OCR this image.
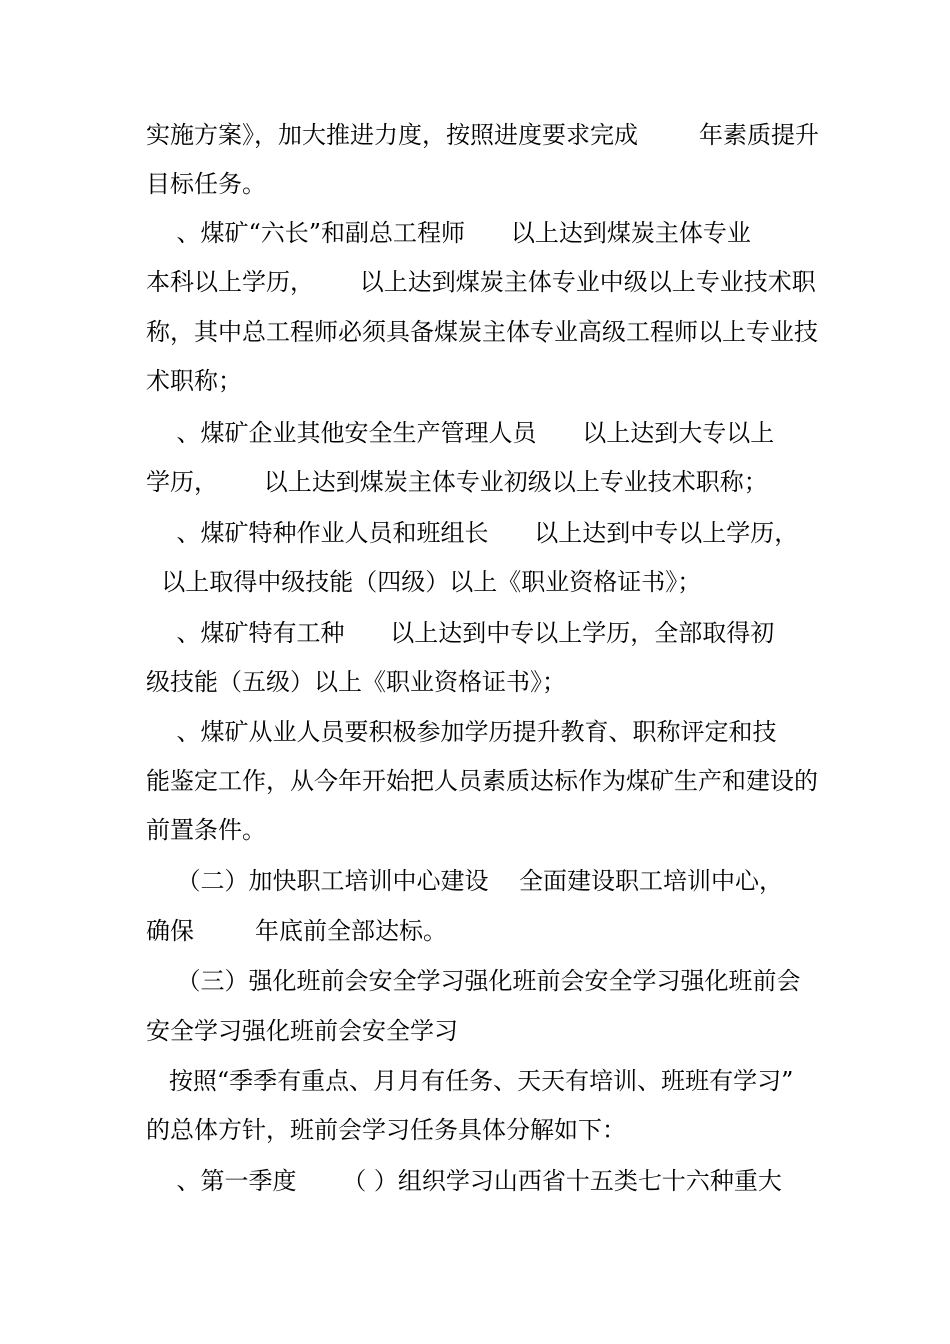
实施方案》，加大推进力度，按照进度要求完成        年素质提升
目标任务。
、煤矿“六长”和副总工程师      以上达到煤炭主体专业
本科以上学历，      以上达到煤炭主体专业中级以上专业技术职
称，其中总工程师必须具备煤炭主体专业高级工程师以上专业技
术职称；
、煤矿企业其他安全生产管理人员      以上达到大专以上
学历，      以上达到煤炭主体专业初级以上专业技术职称；
、煤矿特种作业人员和班组长      以上达到中专以上学历，
以上取得中级技能（四级）以上《职业资格证书》；
、煤矿特有工种      以上达到中专以上学历，全部取得初
级技能（五级）以上《职业资格证书》；
、煤矿从业人员要积极参加学历提升教育、职称评定和技
能鉴定工作，从今年开始把人员素质达标作为煤矿生产和建设的
前置条件。
（二）加快职工培训中心建设    全面建设职工培训中心，
确保        年底前全部达标。
（三）强化班前会安全学习强化班前会安全学习强化班前会
安全学习强化班前会安全学习
按照“季季有重点、月月有任务、天天有培训、班班有学习”
的总体方针，班前会学习任务具体分解如下：
、第一季度      （ ）组织学习山西省十五类七十六种重大
